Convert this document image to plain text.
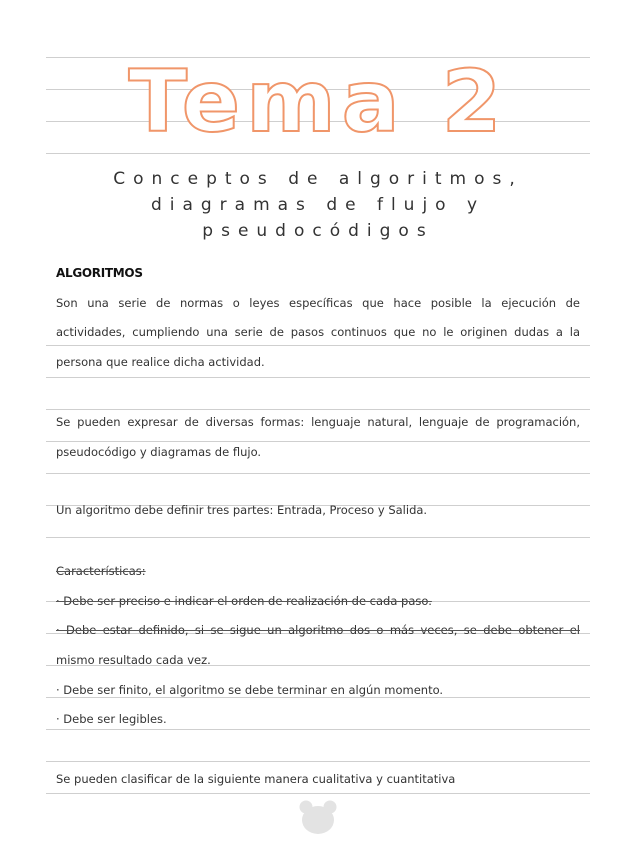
Tema 2
Conceptos de algoritmos,
diagramas de flujo y
pseudocódigos
ALGORITMOS
Son una serie de normas o leyes específicas que hace posible la ejecución de
actividades, cumpliendo una serie de pasos continuos que no le originen dudas a la
persona que realice dicha actividad.
Se pueden expresar de diversas formas: lenguaje natural, lenguaje de programación,
pseudocódigo y diagramas de flujo.
Un algoritmo debe definir tres partes: Entrada, Proceso y Salida.
Características:
· Debe ser preciso e indicar el orden de realización de cada paso.
· Debe estar definido, si se sigue un algoritmo dos o más veces, se debe obtener el
mismo resultado cada vez.
· Debe ser finito, el algoritmo se debe terminar en algún momento.
· Debe ser legibles.
Se pueden clasificar de la siguiente manera cualitativa y cuantitativa
